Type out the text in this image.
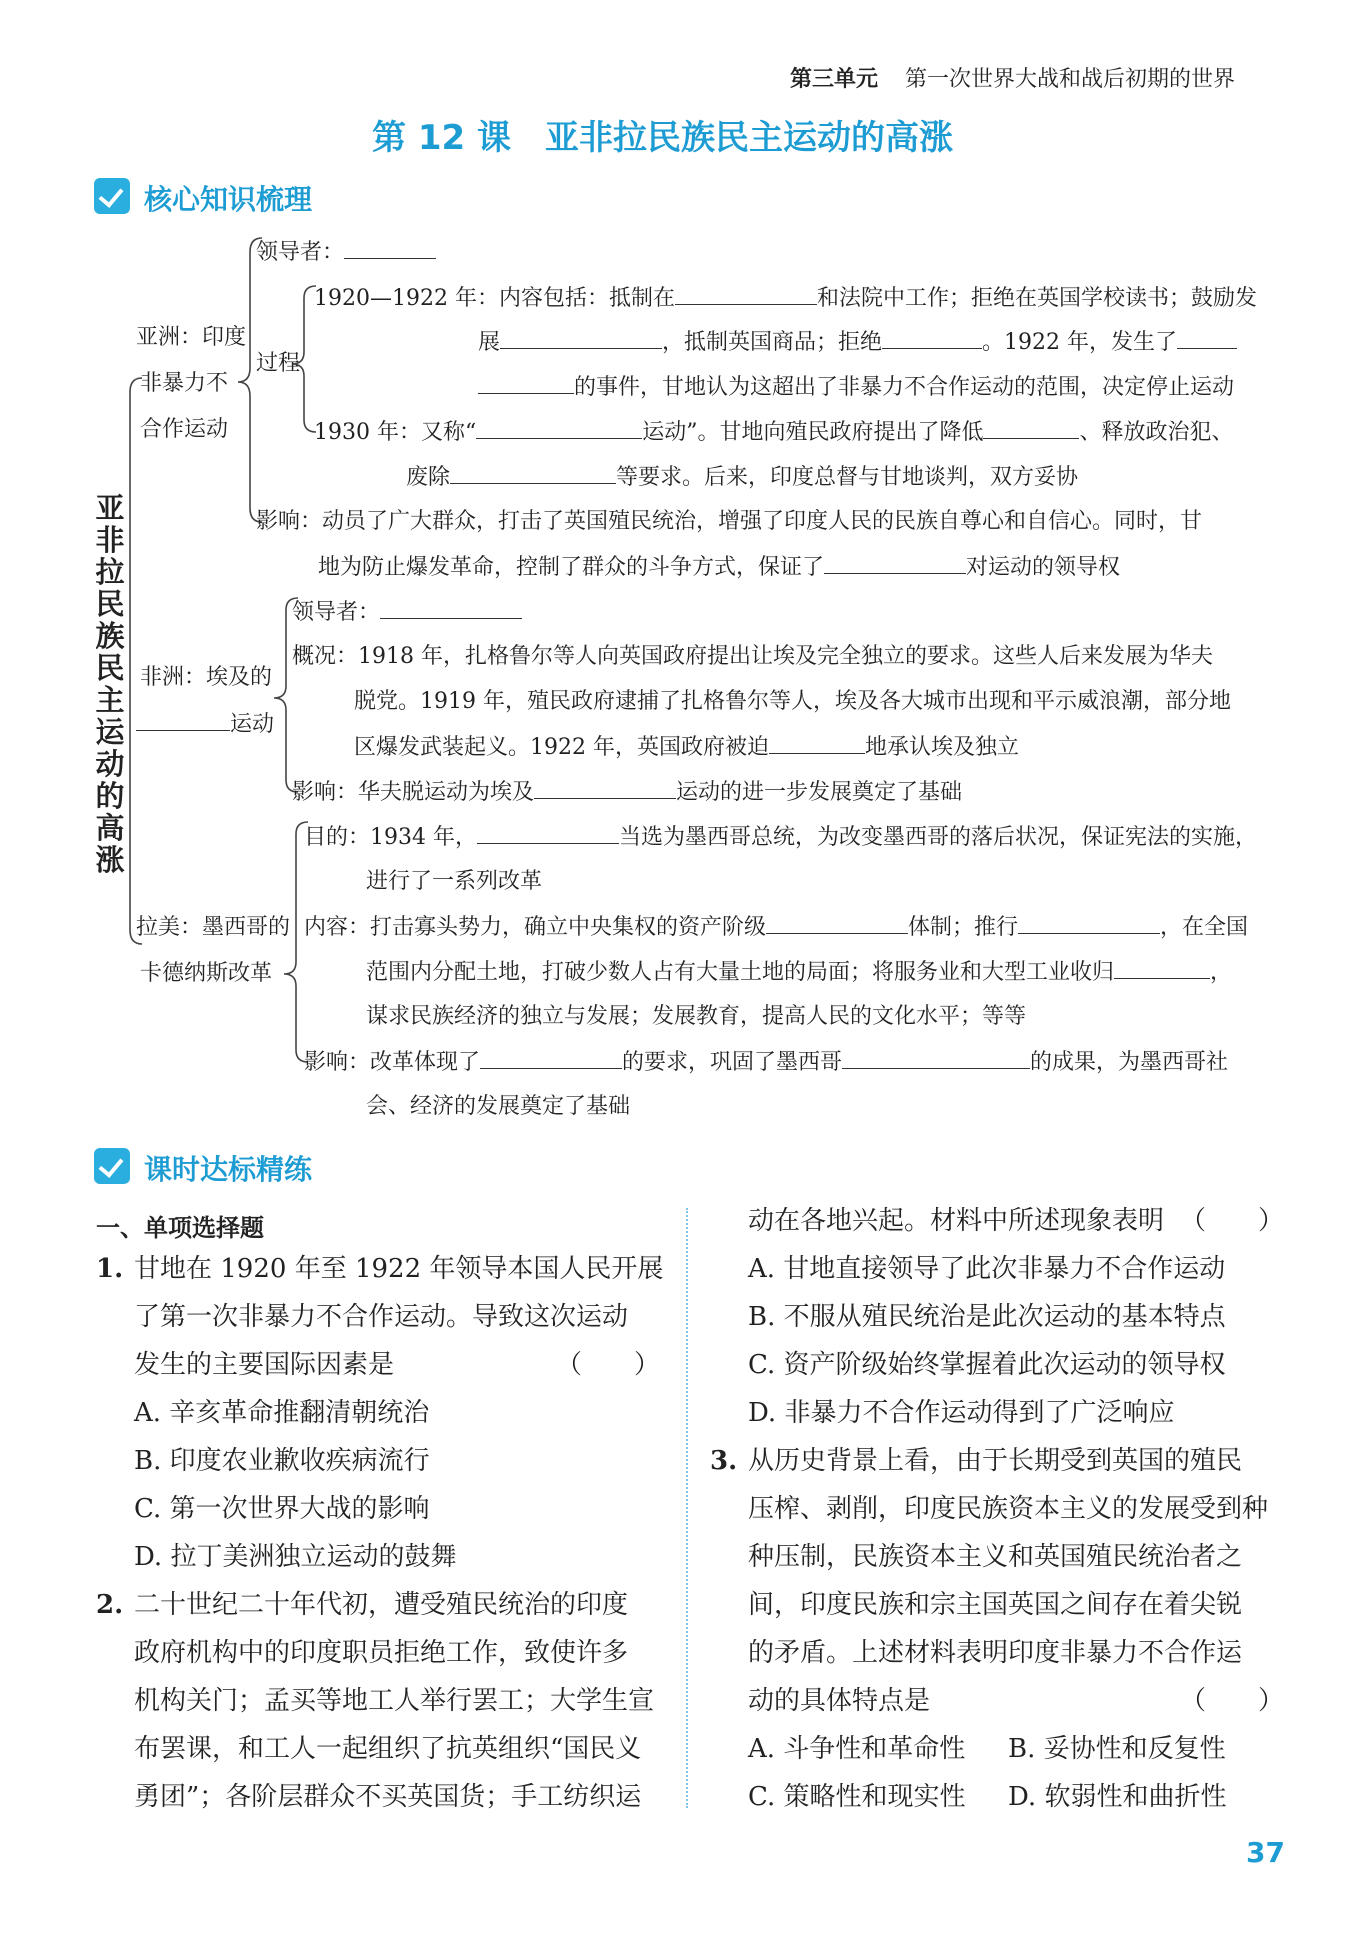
第三单元 第一次世界大战和战后初期的世界
第 12 课　亚非拉民族民主运动的高涨
核心知识梳理
亚非拉民族民主运动的高涨
亚洲：印度
非暴力不
合作运动
领导者：
过程
1920—1922 年：内容包括：抵制在	和法院中工作；拒绝在英国学校读书；鼓励发
展	，抵制英国商品；拒绝	。1922 年，发生了
的事件，甘地认为这超出了非暴力不合作运动的范围，决定停止运动
1930 年：又称“	运动”。甘地向殖民政府提出了降低	、释放政治犯、
废除	等要求。后来，印度总督与甘地谈判，双方妥协
影响：动员了广大群众，打击了英国殖民统治，增强了印度人民的民族自尊心和自信心。同时，甘
地为防止爆发革命，控制了群众的斗争方式，保证了	对运动的领导权
非洲：埃及的
运动
领导者：
概况：1918 年，扎格鲁尔等人向英国政府提出让埃及完全独立的要求。这些人后来发展为华夫
脱党。1919 年，殖民政府逮捕了扎格鲁尔等人，埃及各大城市出现和平示威浪潮，部分地
区爆发武装起义。1922 年，英国政府被迫	地承认埃及独立
影响：华夫脱运动为埃及	运动的进一步发展奠定了基础
拉美：墨西哥的
卡德纳斯改革
目的：1934 年，	当选为墨西哥总统，为改变墨西哥的落后状况，保证宪法的实施，
进行了一系列改革
内容：打击寡头势力，确立中央集权的资产阶级	体制；推行	，在全国
范围内分配土地，打破少数人占有大量土地的局面；将服务业和大型工业收归	，
谋求民族经济的独立与发展；发展教育，提高人民的文化水平；等等
影响：改革体现了	的要求，巩固了墨西哥	的成果，为墨西哥社
会、经济的发展奠定了基础
课时达标精练
一、单项选择题
1. 甘地在 1920 年至 1922 年领导本国人民开展
了第一次非暴力不合作运动。导致这次运动
发生的主要国际因素是	（　　）
A. 辛亥革命推翻清朝统治
B. 印度农业歉收疾病流行
C. 第一次世界大战的影响
D. 拉丁美洲独立运动的鼓舞
2. 二十世纪二十年代初，遭受殖民统治的印度
政府机构中的印度职员拒绝工作，致使许多
机构关门；孟买等地工人举行罢工；大学生宣
布罢课，和工人一起组织了抗英组织“国民义
勇团”；各阶层群众不买英国货；手工纺织运
动在各地兴起。材料中所述现象表明 （　　）
A. 甘地直接领导了此次非暴力不合作运动
B. 不服从殖民统治是此次运动的基本特点
C. 资产阶级始终掌握着此次运动的领导权
D. 非暴力不合作运动得到了广泛响应
3. 从历史背景上看，由于长期受到英国的殖民
压榨、剥削，印度民族资本主义的发展受到种
种压制，民族资本主义和英国殖民统治者之
间，印度民族和宗主国英国之间存在着尖锐
的矛盾。上述材料表明印度非暴力不合作运
动的具体特点是	（　　）
A. 斗争性和革命性 B. 妥协性和反复性
C. 策略性和现实性 D. 软弱性和曲折性
37
